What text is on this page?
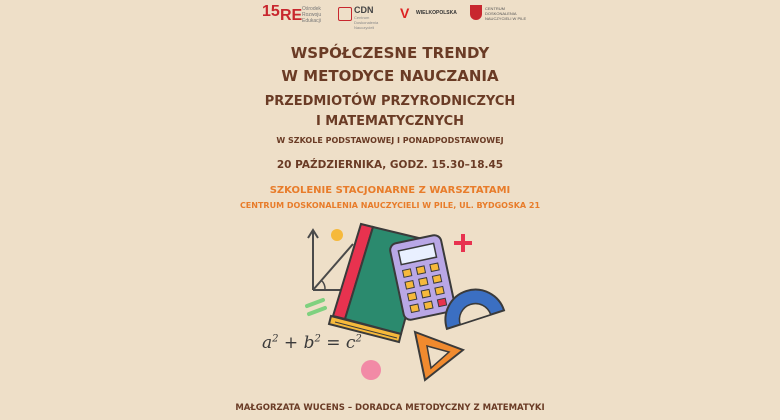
15 RE Ośrodek Rozwoju Edukacji
CDN
Centrum Doskonalenia Nauczycieli
V WIELKOPOLSKA
CENTRUM DOSKONALENIA NAUCZYCIELI W PILE
WSPÓŁCZESNE TRENDY
W METODYCE NAUCZANIA
PRZEDMIOTÓW PRZYRODNICZYCH
I MATEMATYCZNYCH
W SZKOLE PODSTAWOWEJ I PONADPODSTAWOWEJ
20 PAŹDZIERNIKA, GODZ. 15.30–18.45
SZKOLENIE STACJONARNE Z WARSZTATAMI
CENTRUM DOSKONALENIA NAUCZYCIELI W PILE, UL. BYDGOSKA 21
$a^2 + b^2 = c^2$
MAŁGORZATA WUCENS – DORADCA METODYCZNY Z MATEMATYKI
